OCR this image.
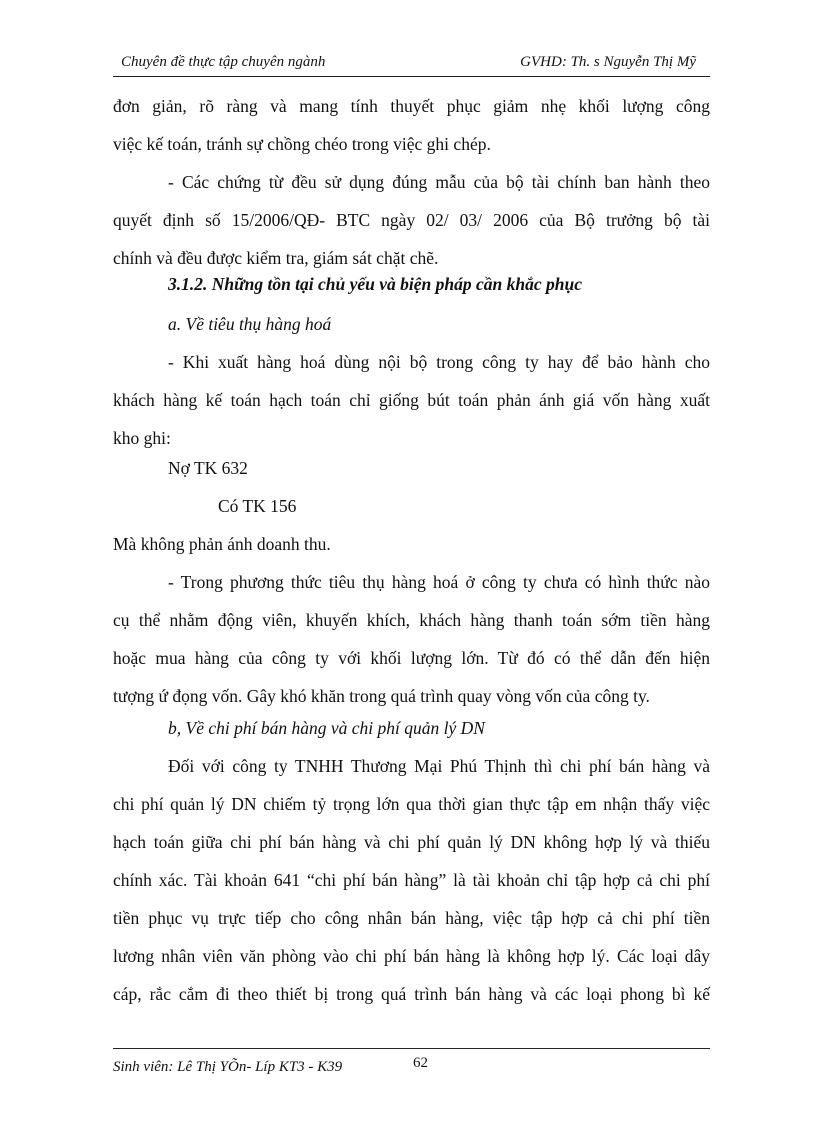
Chuyên đề thực tập chuyên ngành	GVHD: Th. s Nguyễn Thị Mỹ
đơn giản, rõ ràng và mang tính thuyết phục giảm nhẹ khối lượng công
việc kế toán, tránh sự chồng chéo trong việc ghi chép.
- Các chứng từ đều sử dụng đúng mẫu của bộ tài chính ban hành theo
quyết định số 15/2006/QĐ- BTC ngày 02/ 03/ 2006 của Bộ trưởng bộ tài
chính và đều được kiểm tra, giám sát chặt chẽ.
3.1.2. Những tồn tại chủ yếu và biện pháp cần khắc phục
a. Về tiêu thụ hàng hoá
- Khi xuất hàng hoá dùng nội bộ trong công ty hay để bảo hành cho
khách hàng kế toán hạch toán chỉ giống bút toán phản ánh giá vốn hàng xuất
kho ghi:
Nợ TK 632
Có TK 156
Mà không phản ánh doanh thu.
- Trong phương thức tiêu thụ hàng hoá ở công ty chưa có hình thức nào
cụ thể nhằm động viên, khuyến khích, khách hàng thanh toán sớm tiền hàng
hoặc mua hàng của công ty với khối lượng lớn. Từ đó có thể dẫn đến hiện
tượng ứ đọng vốn. Gây khó khăn trong quá trình quay vòng vốn của công ty.
b, Về chi phí bán hàng và chi phí quản lý DN
Đối với công ty TNHH Thương Mại Phú Thịnh thì chi phí bán hàng và
chi phí quản lý DN chiếm tỷ trọng lớn qua thời gian thực tập em nhận thấy việc
hạch toán giữa chi phí bán hàng và chi phí quản lý DN không hợp lý và thiếu
chính xác. Tài khoản 641 “chi phí bán hàng” là tài khoản chỉ tập hợp cả chi phí
tiền phục vụ trực tiếp cho công nhân bán hàng, việc tập hợp cả chi phí tiền
lương nhân viên văn phòng vào chi phí bán hàng là không hợp lý. Các loại dây
cáp, rắc cắm đi theo thiết bị trong quá trình bán hàng và các loại phong bì kế
Sinh viên: Lê Thị YÕn- Líp KT3 - K39	62
